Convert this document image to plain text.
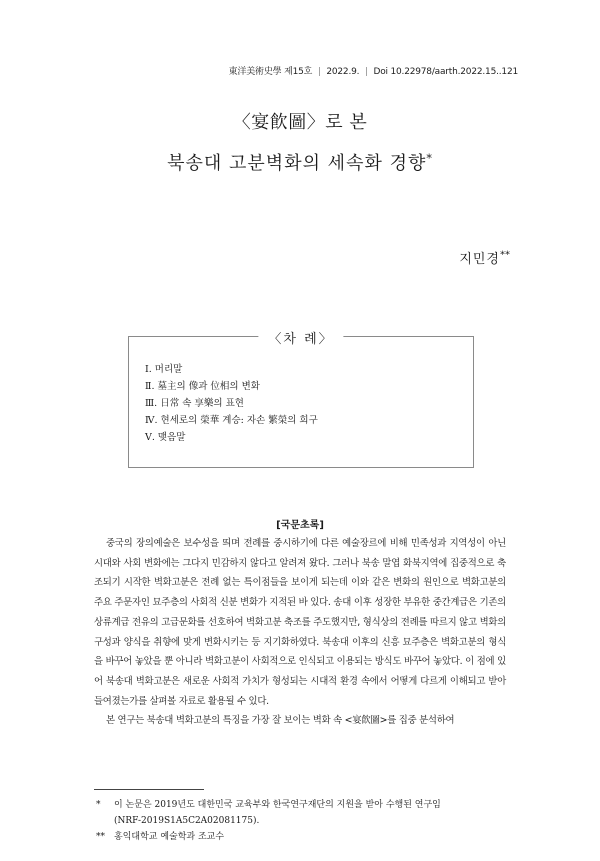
東洋美術史學 제15호 | 2022.9. | Doi 10.22978/aarth.2022.15..121
〈宴飮圖〉로 본
북송대 고분벽화의 세속화 경향*
지민경**
〈차 례〉
Ⅰ. 머리말
Ⅱ. 墓主의 像과 位相의 변화
Ⅲ. 日常 속 享樂의 표현
Ⅳ. 현세로의 榮華 계승: 자손 繁榮의 희구
Ⅴ. 맺음말
[국문초록]

중국의 장의예술은 보수성을 띄며 전례를 중시하기에 다른 예술장르에 비해 민족성과 지역성이 아닌 시대와 사회 변화에는 그다지 민감하지 않다고 알려져 왔다. 그러나 북송 말엽 화북지역에 집중적으로 축조되기 시작한 벽화고분은 전례 없는 특이점들을 보이게 되는데 이와 같은 변화의 원인으로 벽화고분의 주요 주문자인 묘주층의 사회적 신분 변화가 지적된 바 있다. 송대 이후 성장한 부유한 중간계급은 기존의 상류계급 전유의 고급문화를 선호하여 벽화고분 축조를 주도했지만, 형식상의 전례를 따르지 않고 벽화의 구성과 양식을 취향에 맞게 변화시키는 등 지기화하였다. 북송대 이후의 신흥 묘주층은 벽화고분의 형식을 바꾸어 놓았을 뿐 아니라 벽화고분이 사회적으로 인식되고 이용되는 방식도 바꾸어 놓았다. 이 점에 있어 북송대 벽화고분은 새로운 사회적 가치가 형성되는 시대적 환경 속에서 어떻게 다르게 이해되고 받아들여졌는가를 살펴볼 자료로 활용될 수 있다.

본 연구는 북송대 벽화고분의 특징을 가장 잘 보이는 벽화 속 <宴飮圖>를 집중 분석하여

* 이 논문은 2019년도 대한민국 교육부와 한국연구재단의 지원을 받아 수행된 연구임
(NRF-2019S1A5C2A02081175).
** 홍익대학교 예술학과 조교수
